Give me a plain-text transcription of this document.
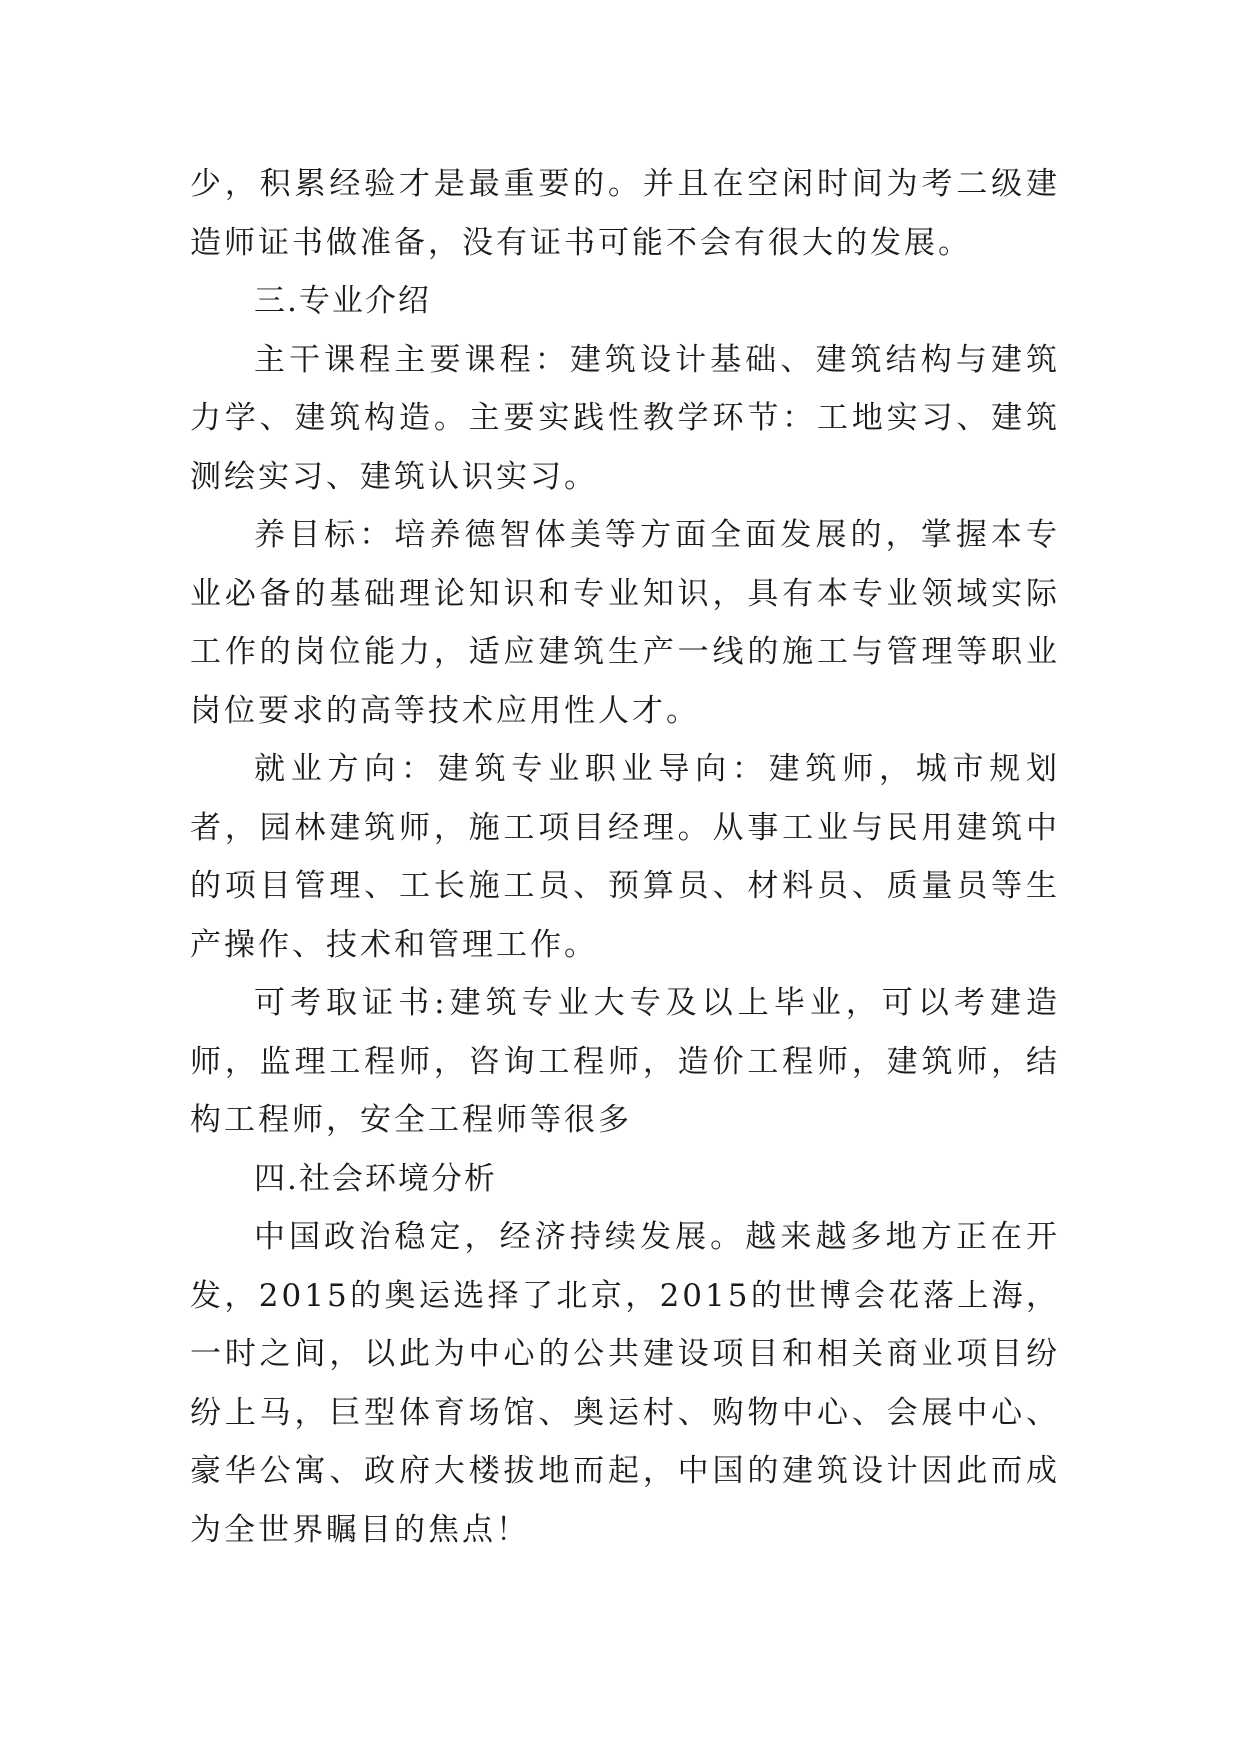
少，积累经验才是最重要的。并且在空闲时间为考二级建造师证书做准备，没有证书可能不会有很大的发展。

三.专业介绍

主干课程主要课程：建筑设计基础、建筑结构与建筑力学、建筑构造。主要实践性教学环节：工地实习、建筑测绘实习、建筑认识实习。

养目标：培养德智体美等方面全面发展的，掌握本专业必备的基础理论知识和专业知识，具有本专业领域实际工作的岗位能力，适应建筑生产一线的施工与管理等职业岗位要求的高等技术应用性人才。

就业方向：建筑专业职业导向：建筑师，城市规划者，园林建筑师，施工项目经理。从事工业与民用建筑中的项目管理、工长施工员、预算员、材料员、质量员等生产操作、技术和管理工作。

可考取证书:建筑专业大专及以上毕业，可以考建造师，监理工程师，咨询工程师，造价工程师，建筑师，结构工程师，安全工程师等很多

四.社会环境分析

中国政治稳定，经济持续发展。越来越多地方正在开发，2015的奥运选择了北京，2015的世博会花落上海，一时之间，以此为中心的公共建设项目和相关商业项目纷纷上马，巨型体育场馆、奥运村、购物中心、会展中心、豪华公寓、政府大楼拔地而起，中国的建筑设计因此而成为全世界瞩目的焦点！
